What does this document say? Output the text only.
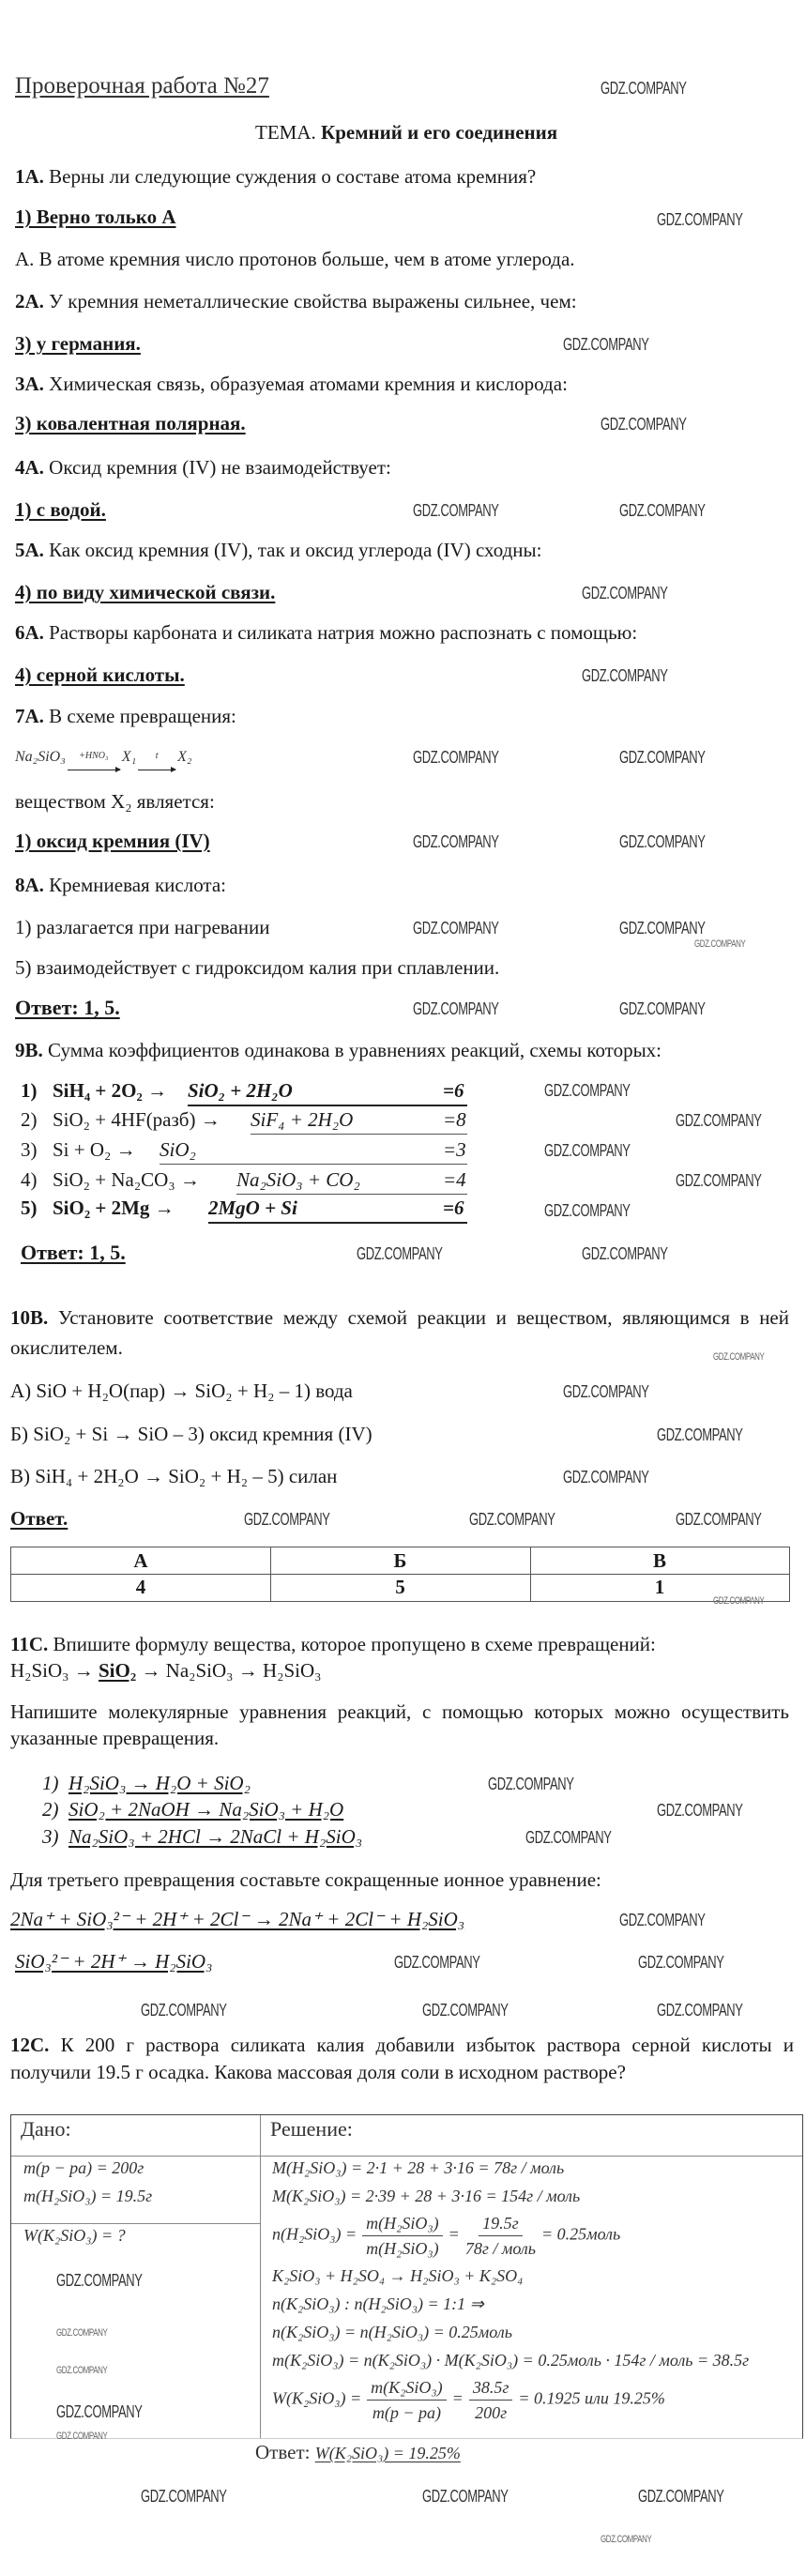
Проверочная работа №27
ТЕМА. Кремний и его соединения
1А. Верны ли следующие суждения о составе атома кремния?
1) Верно только А
А. В атоме кремния число протонов больше, чем в атоме углерода.
2А. У кремния неметаллические свойства выражены сильнее, чем:
3) у германия.
3А. Химическая связь, образуемая атомами кремния и кислорода:
3) ковалентная полярная.
4А. Оксид кремния (IV) не взаимодействует:
1) с водой.
5А. Как оксид кремния (IV), так и оксид углерода (IV) сходны:
4) по виду химической связи.
6А. Растворы карбоната и силиката натрия можно распознать с помощью:
4) серной кислоты.
7А. В схеме превращения:
Na₂SiO₃ +HNO₃ X₁ t X₂
веществом X₂ является:
1) оксид кремния (IV)
8А. Кремниевая кислота:
1) разлагается при нагревании
5) взаимодействует с гидроксидом калия при сплавлении.
Ответ: 1, 5.
9В. Сумма коэффициентов одинакова в уравнениях реакций, схемы которых:
1) SiH₄ + 2O₂ → SiO₂ + 2H₂O	=6
2) SiO₂ + 4HF(разб) → SiF₄ + 2H₂O	=8
3) Si + O₂ → SiO₂	=3
4) SiO₂ + Na₂CO₃ → Na₂SiO₃ + CO₂	=4
5) SiO₂ + 2Mg → 2MgO + Si	=6
Ответ: 1, 5.
10В. Установите соответствие между схемой реакции и веществом, являющимся в ней окислителем.
А) SiO + H₂O(пар) → SiO₂ + H₂ – 1) вода
Б) SiO₂ + Si → SiO – 3) оксид кремния (IV)
В) SiH₄ + 2H₂O → SiO₂ + H₂ – 5) силан
Ответ.
А	Б	В
4	5	1
11С. Впишите формулу вещества, которое пропущено в схеме превращений:
H₂SiO₃ → SiO₂ → Na₂SiO₃ → H₂SiO₃
Напишите молекулярные уравнения реакций, с помощью которых можно осуществить указанные превращения.
1) H₂SiO₃ → H₂O + SiO₂
2) SiO₂ + 2NaOH → Na₂SiO₃ + H₂O
3) Na₂SiO₃ + 2HCl → 2NaCl + H₂SiO₃
Для третьего превращения составьте сокращенные ионное уравнение:
2Na⁺ + SiO₃²⁻ + 2H⁺ + 2Cl⁻ → 2Na⁺ + 2Cl⁻ + H₂SiO₃
SiO₃²⁻ + 2H⁺ → H₂SiO₃
12С. К 200 г раствора силиката калия добавили избыток раствора серной кислоты и получили 19.5 г осадка. Какова массовая доля соли в исходном растворе?
Дано:	Решение:
m(p − pa) = 200г
m(H₂SiO₃) = 19.5г
W(K₂SiO₃) = ?
M(H₂SiO₃) = 2·1 + 28 + 3·16 = 78г / моль
M(K₂SiO₃) = 2·39 + 28 + 3·16 = 154г / моль
$n(H_2SiO_3) = \frac{\text{m(H₂SiO₃)}}{\text{m(H₂SiO₃)}} = \frac{19.5г}{\text{78г / моль}}$ = 0.25моль
K₂SiO₃ + H₂SO₄ → H₂SiO₃ + K₂SO₄
n(K₂SiO₃) : n(H₂SiO₃) = 1:1 ⇒
n(K₂SiO₃) = n(H₂SiO₃) = 0.25моль
m(K₂SiO₃) = n(K₂SiO₃) · M(K₂SiO₃) = 0.25моль · 154г / моль = 38.5г
$W(K_2SiO_3) = \frac{\text{m(K₂SiO₃)}}{m(p - pa)} = \frac{38.5г}{200г} = 0.1925$ или 19.25%
Ответ: W(K₂SiO₃) = 19.25%
GDZ.COMPANY
GDZ.COMPANY
GDZ.COMPANY
GDZ.COMPANY
GDZ.COMPANY	GDZ.COMPANY
GDZ.COMPANY
GDZ.COMPANY
GDZ.COMPANY	GDZ.COMPANY
GDZ.COMPANY	GDZ.COMPANY
GDZ.COMPANY	GDZ.COMPANY
GDZ.COMPANY	GDZ.COMPANY
GDZ.COMPANY
GDZ.COMPANY
GDZ.COMPANY
GDZ.COMPANY
GDZ.COMPANY
GDZ.COMPANY	GDZ.COMPANY
GDZ.COMPANY
GDZ.COMPANY
GDZ.COMPANY
GDZ.COMPANY	GDZ.COMPANY	GDZ.COMPANY
GDZ.COMPANY
GDZ.COMPANY
GDZ.COMPANY
GDZ.COMPANY
GDZ.COMPANY	GDZ.COMPANY
GDZ.COMPANY	GDZ.COMPANY	GDZ.COMPANY
GDZ.COMPANY
GDZ.COMPANY
GDZ.COMPANY	GDZ.COMPANY	GDZ.COMPANY
GDZ.COMPANY
GDZ.COMPANY
GDZ.COMPANY
GDZ.COMPANY
GDZ.COMPANY
GDZ.COMPANY
GDZ.COMPANY
